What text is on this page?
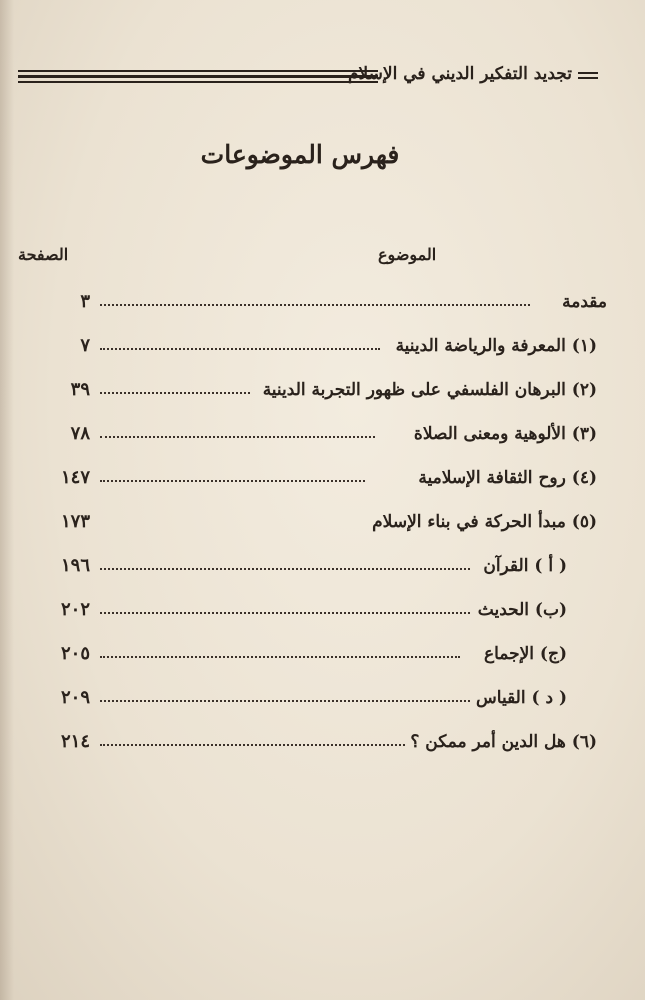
تجديد التفكير الديني في الإسلام
فهرس الموضوعات
الموضوع
الصفحة
٣	مقدمة
٧	(١) المعرفة والرياضة الدينية
٣٩	(٢) البرهان الفلسفي على ظهور التجربة الدينية
٧٨	(٣) الألوهية ومعنى الصلاة
١٤٧	(٤) روح الثقافة الإسلامية
١٧٣	(٥) مبدأ الحركة في بناء الإسلام
١٩٦	( أ ) القرآن
٢٠٢	(ب) الحديث
٢٠٥	(ج) الإجماع
٢٠٩	( د ) القياس
٢١٤	(٦) هل الدين أمر ممكن ؟
